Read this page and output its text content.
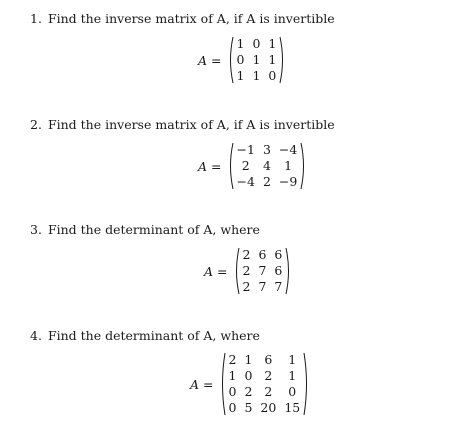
1. Find the inverse matrix of A, if A is invertible
A =
1 0 1
0 1 1
1 1 0
2. Find the inverse matrix of A, if A is invertible
A =
−1 3 −4
2	4	1
−4 2 −9
3. Find the determinant of A, where
A =
2 6 6
2 7 6
2 7 7
4. Find the determinant of A, where
A =
2 1 6	1
1 0 2	1
0 2 2	0
0 5 20 15
